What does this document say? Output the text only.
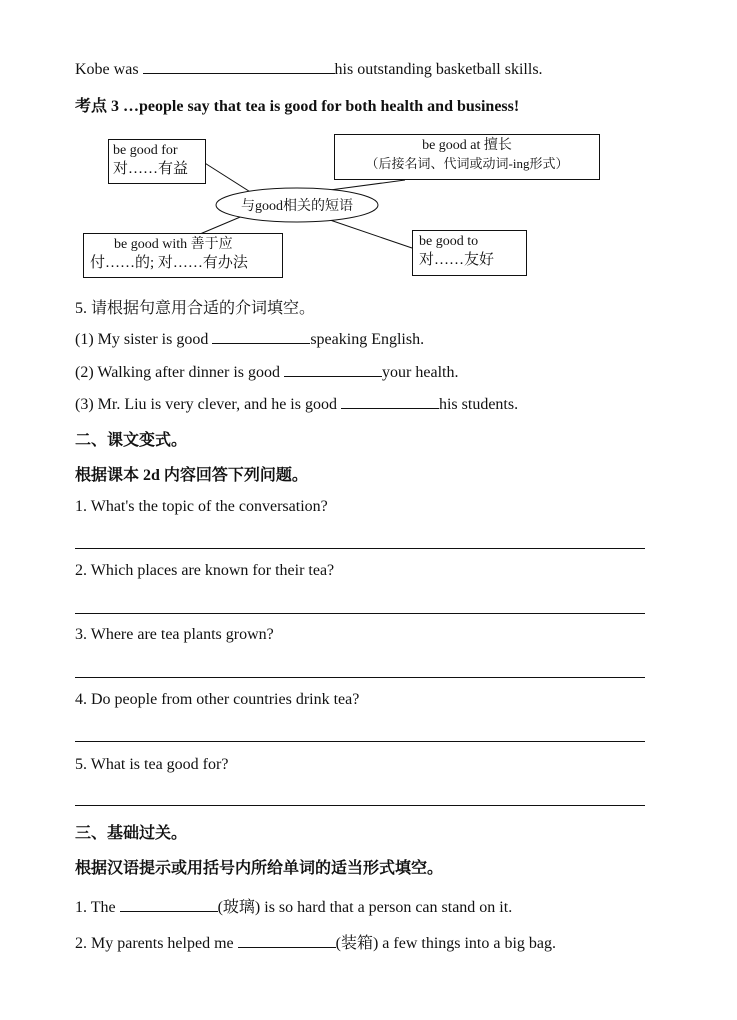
Kobe was	his outstanding basketball skills.
考点 3 …people say that tea is good for both health and business!
与good相关的短语
be good for
对……有益
be good at 擅长
（后接名词、代词或动词-ing形式）
be good with 善于应
付……的; 对……有办法
be good to
对……友好
5. 请根据句意用合适的介词填空。
(1) My sister is good	speaking English.
(2) Walking after dinner is good	your health.
(3) Mr. Liu is very clever, and he is good	his students.
二、课文变式。
根据课本 2d 内容回答下列问题。
1. What's the topic of the conversation?
2. Which places are known for their tea?
3. Where are tea plants grown?
4. Do people from other countries drink tea?
5. What is tea good for?
三、基础过关。
根据汉语提示或用括号内所给单词的适当形式填空。
1. The	(玻璃) is so hard that a person can stand on it.
2. My parents helped me	(装箱) a few things into a big bag.
